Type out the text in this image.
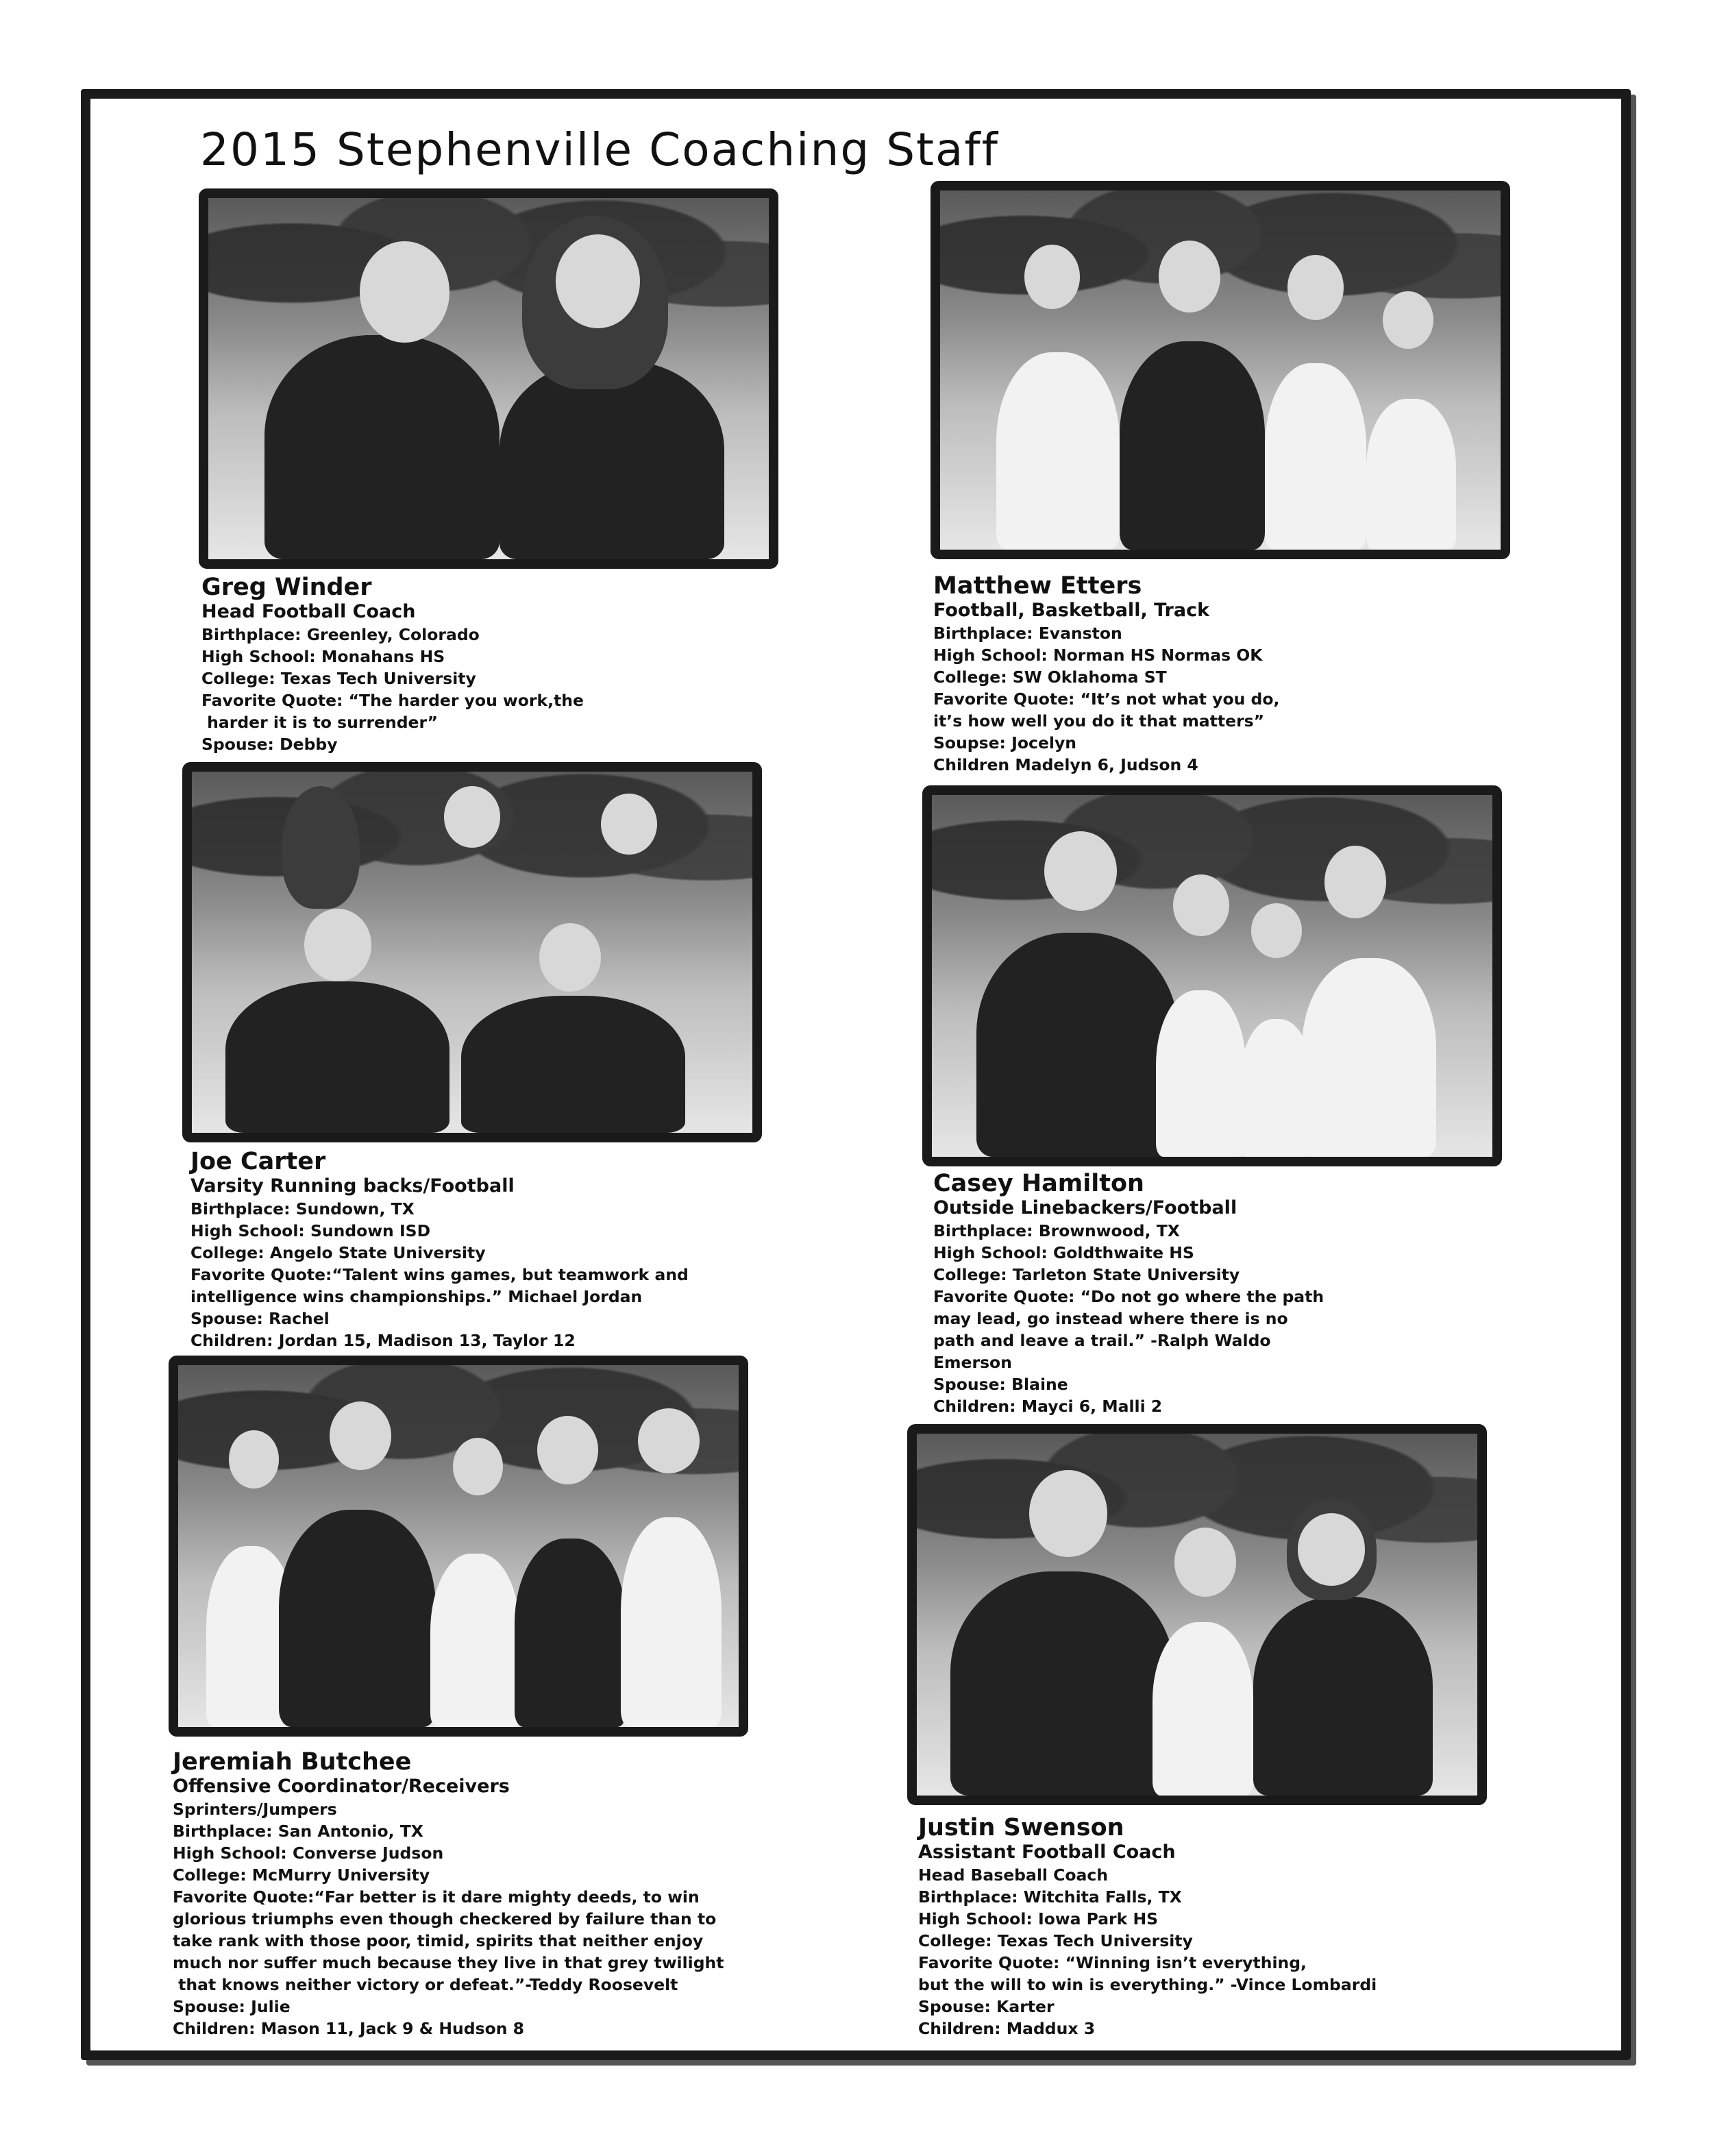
2015 Stephenville Coaching Staff
Greg Winder
Head Football Coach
Birthplace: Greenley, Colorado
High School: Monahans HS
College: Texas Tech University
Favorite Quote: “The harder you work,the
harder it is to surrender”
Spouse: Debby
Matthew Etters
Football, Basketball, Track
Birthplace: Evanston
High School: Norman HS Normas OK
College: SW Oklahoma ST
Favorite Quote: “It’s not what you do,
it’s how well you do it that matters”
Soupse: Jocelyn
Children Madelyn 6, Judson 4
Joe Carter
Varsity Running backs/Football
Birthplace: Sundown, TX
High School: Sundown ISD
College: Angelo State University
Favorite Quote:“Talent wins games, but teamwork and
intelligence wins championships.” Michael Jordan
Spouse: Rachel
Children: Jordan 15, Madison 13, Taylor 12
Casey Hamilton
Outside Linebackers/Football
Birthplace: Brownwood, TX
High School: Goldthwaite HS
College: Tarleton State University
Favorite Quote: “Do not go where the path
may lead, go instead where there is no
path and leave a trail.” -Ralph Waldo
Emerson
Spouse: Blaine
Children: Mayci 6, Malli 2
Jeremiah Butchee
Offensive Coordinator/Receivers
Sprinters/Jumpers
Birthplace: San Antonio, TX
High School: Converse Judson
College: McMurry University
Favorite Quote:“Far better is it dare mighty deeds, to win
glorious triumphs even though checkered by failure than to
take rank with those poor, timid, spirits that neither enjoy
much nor suffer much because they live in that grey twilight
that knows neither victory or defeat.”-Teddy Roosevelt
Spouse: Julie
Children: Mason 11, Jack 9 & Hudson 8
Justin Swenson
Assistant Football Coach
Head Baseball Coach
Birthplace: Witchita Falls, TX
High School: Iowa Park HS
College: Texas Tech University
Favorite Quote: “Winning isn’t everything,
but the will to win is everything.” -Vince Lombardi
Spouse: Karter
Children: Maddux 3
